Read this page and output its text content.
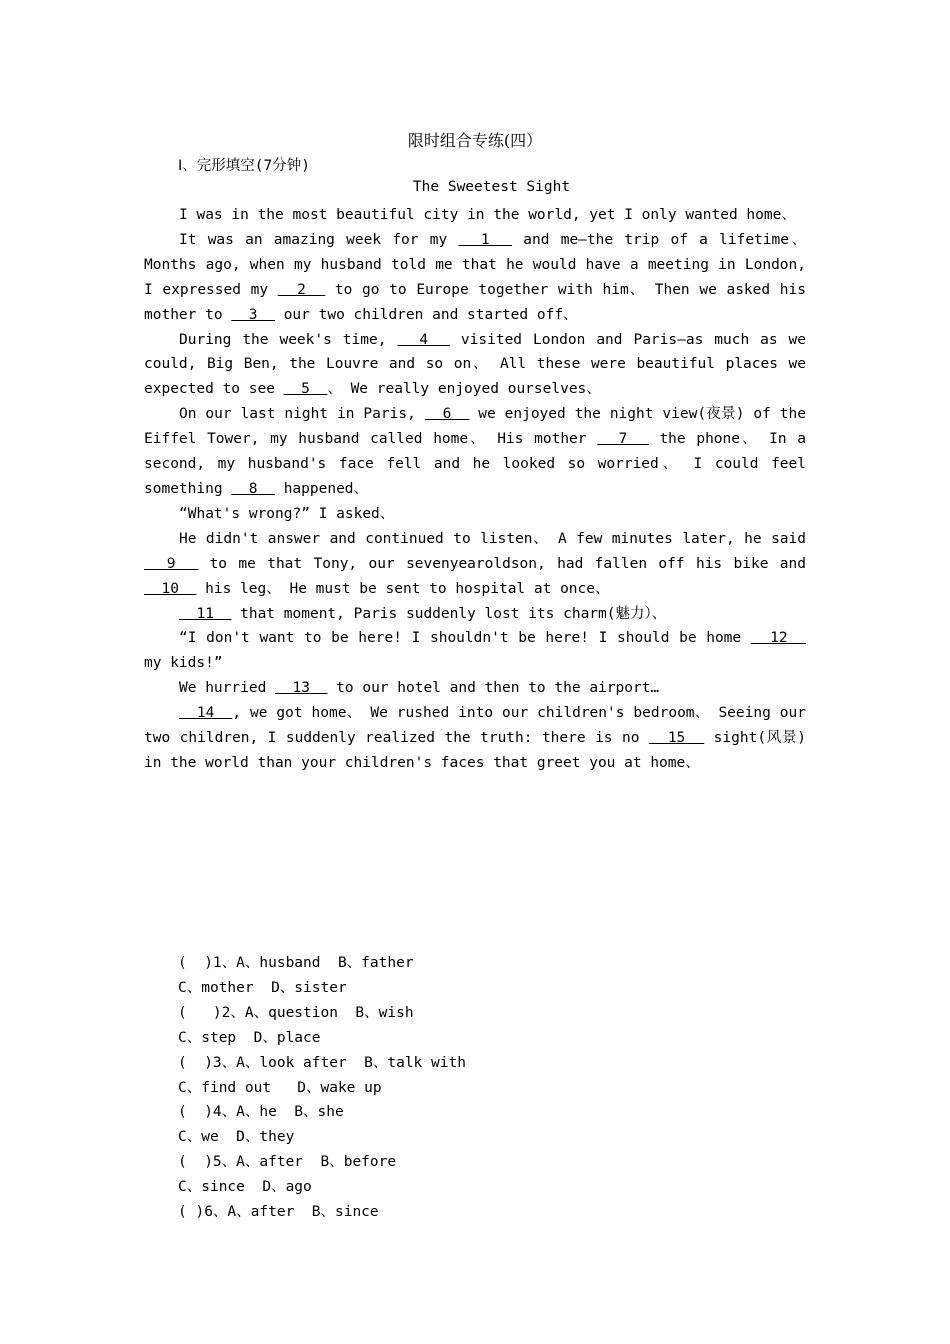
限时组合专练(四）
Ⅰ、完形填空(7分钟)
The Sweetest Sight

I was in the most beautiful city in the world, yet I only wanted home、

It was an amazing week for my   1   and me—the trip of a lifetime、 Months ago, when my husband told me that he would have a meeting in London, I expressed my   2   to go to Europe together with him、 Then we asked his mother to   3   our two children and started off、

During the week's time,   4   visited London and Paris—as much as we could, Big Ben, the Louvre and so on、 All these were beautiful places we expected to see   5  、 We really enjoyed ourselves、

On our last night in Paris,   6   we enjoyed the night view(夜景) of the Eiffel Tower, my husband called home、 His mother   7   the phone、 In a second, my husband's face fell and he looked so worried、 I could feel something   8   happened、

“What's wrong?” I asked、

He didn't answer and continued to listen、 A few minutes later, he said   9   to me that Tony, our sevenyearoldson, had fallen off his bike and   10   his leg、 He must be sent to hospital at once、

11   that moment, Paris suddenly lost its charm(魅力）、

“I don't want to be here! I shouldn't be here! I should be home   12   my kids!”

We hurried   13   to our hotel and then to the airport…

14  , we got home、 We rushed into our children's bedroom、 Seeing our two children, I suddenly realized the truth: there is no   15   sight(风景) in the world than your children's faces that greet you at home、

(  )1、A、husband  B、father
C、mother  D、sister
(   )2、A、question  B、wish
C、step  D、place
(  )3、A、look after  B、talk with
C、find out   D、wake up
(  )4、A、he  B、she
C、we  D、they
(  )5、A、after  B、before
C、since  D、ago
( )6、A、after  B、since
